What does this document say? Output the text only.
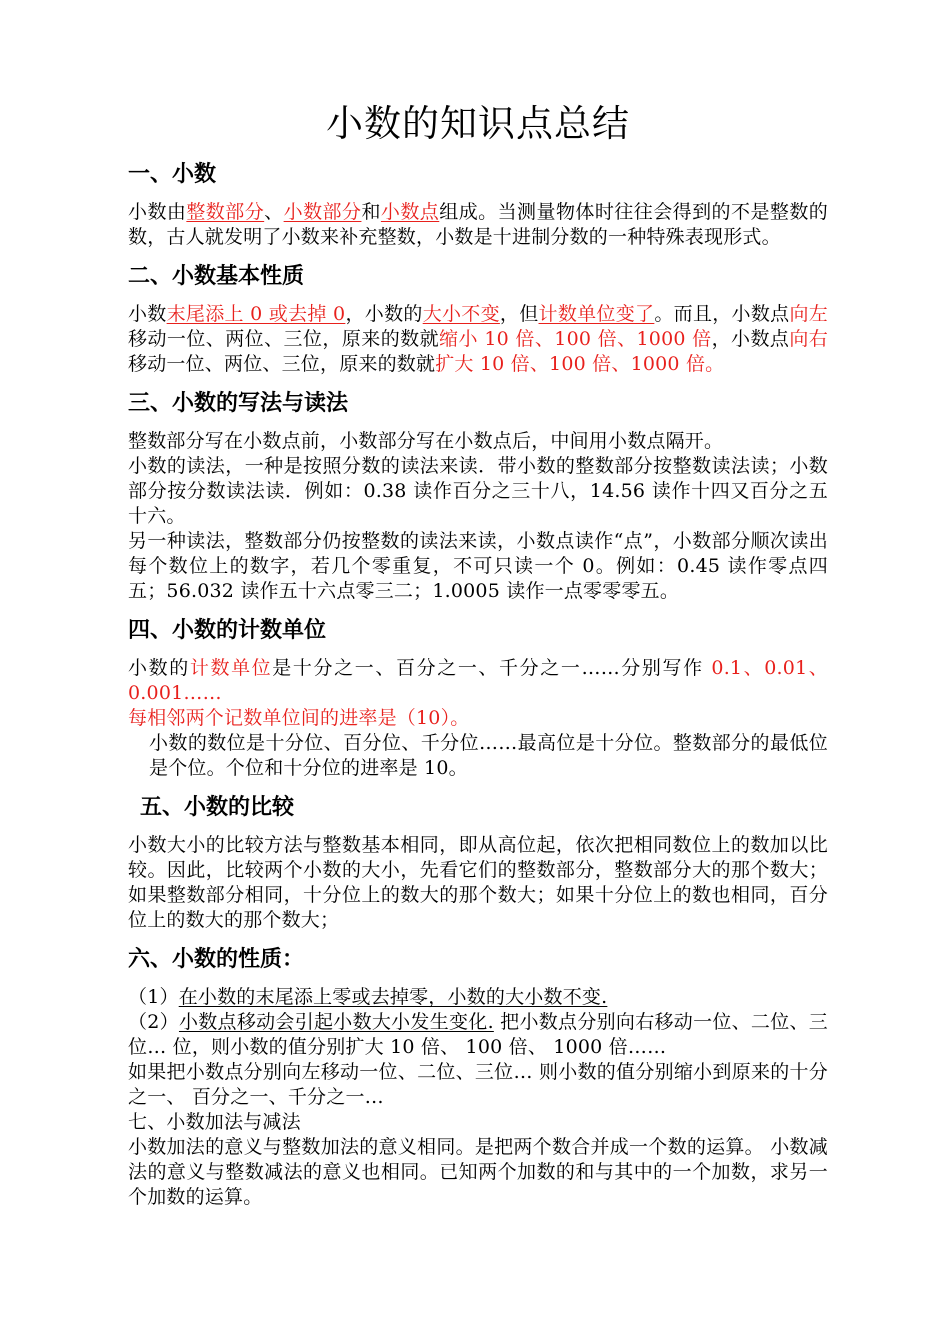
小数的知识点总结
一、小数

小数由整数部分、小数部分和小数点组成。当测量物体时往往会得到的不是整数的数，古人就发明了小数来补充整数，小数是十进制分数的一种特殊表现形式。

二、小数基本性质

小数末尾添上 0 或去掉 0，小数的大小不变，但计数单位变了。而且，小数点向左移动一位、两位、三位，原来的数就缩小 10 倍、100 倍、1000 倍，小数点向右移动一位、两位、三位，原来的数就扩大 10 倍、100 倍、1000 倍。

三、小数的写法与读法

整数部分写在小数点前，小数部分写在小数点后，中间用小数点隔开。

小数的读法，一种是按照分数的读法来读．带小数的整数部分按整数读法读；小数部分按分数读法读．例如：0.38 读作百分之三十八，14.56 读作十四又百分之五十六。

另一种读法，整数部分仍按整数的读法来读，小数点读作“点”，小数部分顺次读出每个数位上的数字，若几个零重复，不可只读一个 0。例如：0.45 读作零点四五；56.032 读作五十六点零三二；1.0005 读作一点零零零五。

四、小数的计数单位

小数的计数单位是十分之一、百分之一、千分之一……分别写作 0.1、0.01、 0.001……

每相邻两个记数单位间的进率是（10）。

小数的数位是十分位、百分位、千分位……最高位是十分位。整数部分的最低位是个位。个位和十分位的进率是 10。

五、小数的比较

小数大小的比较方法与整数基本相同，即从高位起，依次把相同数位上的数加以比较。因此，比较两个小数的大小，先看它们的整数部分，整数部分大的那个数大；如果整数部分相同，十分位上的数大的那个数大；如果十分位上的数也相同，百分位上的数大的那个数大；

六、小数的性质：

（1）在小数的末尾添上零或去掉零，小数的大小数不变.

（2）小数点移动会引起小数大小发生变化. 把小数点分别向右移动一位、二位、三位… 位，则小数的值分别扩大 10 倍、 100 倍、 1000 倍……

如果把小数点分别向左移动一位、二位、三位… 则小数的值分别缩小到原来的十分之一、 百分之一、千分之一…

七、小数加法与减法

小数加法的意义与整数加法的意义相同。是把两个数合并成一个数的运算。 小数减法的意义与整数减法的意义也相同。已知两个加数的和与其中的一个加数，求另一个加数的运算。
